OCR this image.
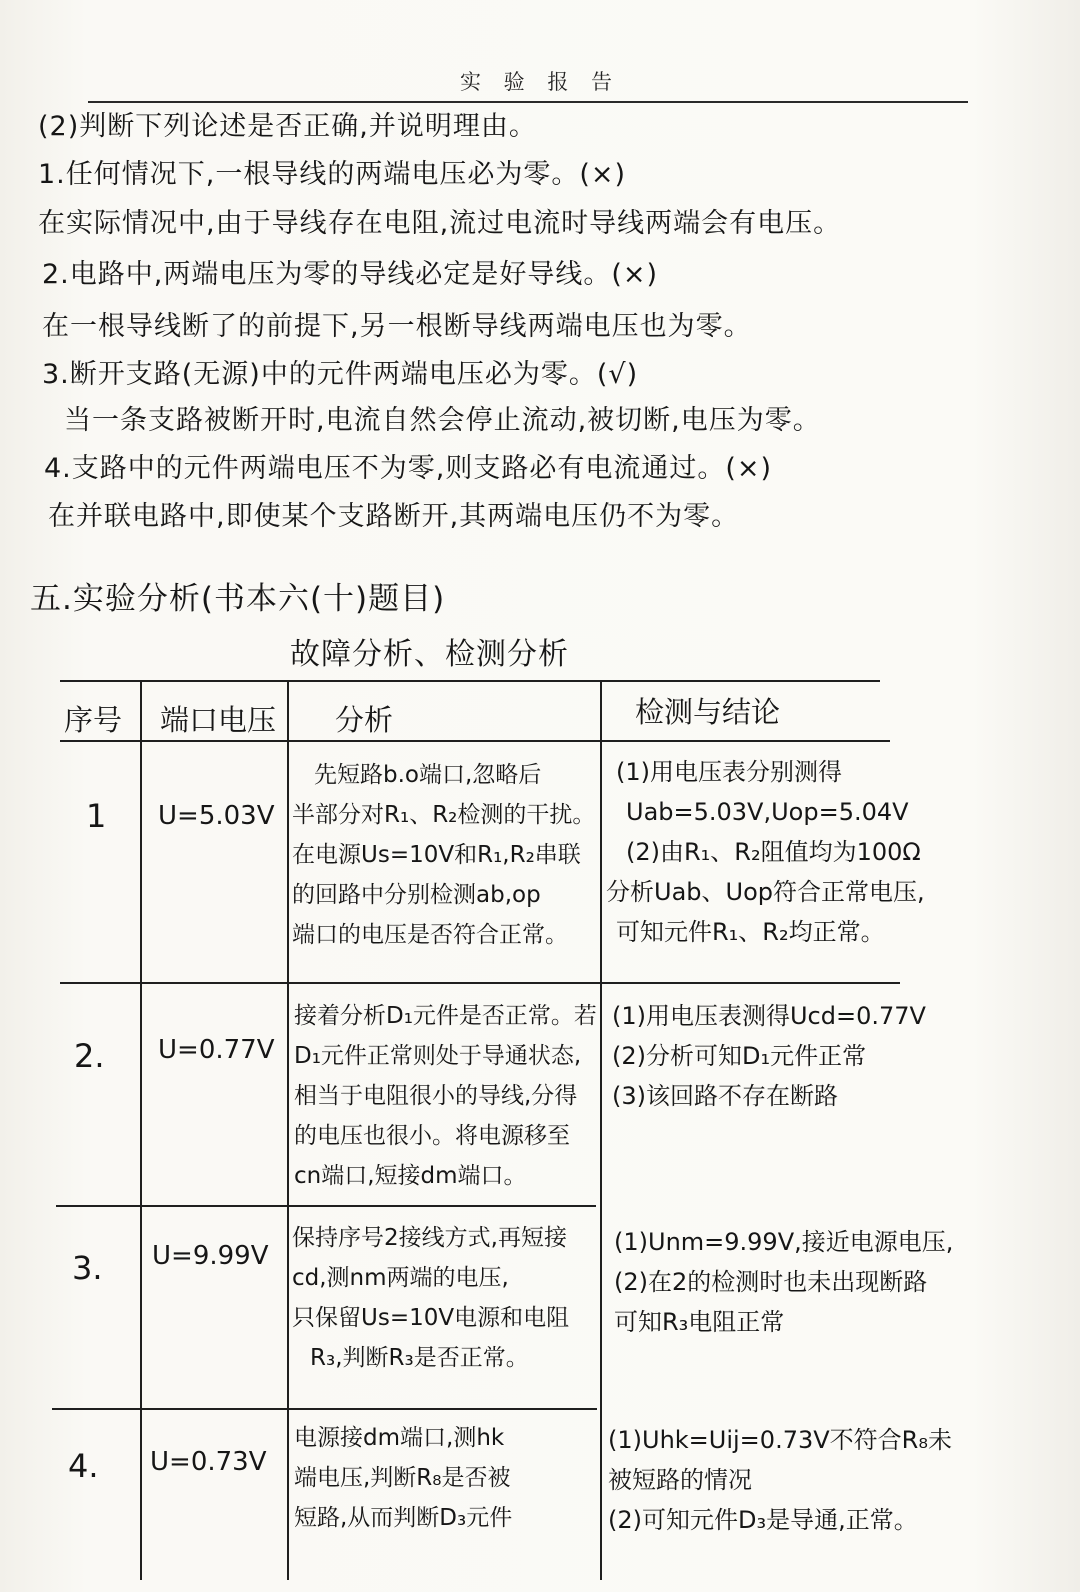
实 验 报 告
(2)判断下列论述是否正确,并说明理由。
1.任何情况下,一根导线的两端电压必为零。(×)
在实际情况中,由于导线存在电阻,流过电流时导线两端会有电压。
2.电路中,两端电压为零的导线必定是好导线。(×)
在一根导线断了的前提下,另一根断导线两端电压也为零。
3.断开支路(无源)中的元件两端电压必为零。(√)
当一条支路被断开时,电流自然会停止流动,被切断,电压为零。
4.支路中的元件两端电压不为零,则支路必有电流通过。(×)
在并联电路中,即使某个支路断开,其两端电压仍不为零。
五.实验分析(书本六(十)题目)
故障分析、检测分析
序号 端口电压 分析	检测与结论
1 U=5.03V
先短路b.o端口,忽略后
半部分对R₁、R₂检测的干扰。
在电源Us=10V和R₁,R₂串联
的回路中分别检测ab,op
端口的电压是否符合正常。
(1)用电压表分别测得
Uab=5.03V,Uop=5.04V
(2)由R₁、R₂阻值均为100Ω
分析Uab、Uop符合正常电压,
可知元件R₁、R₂均正常。
2. U=0.77V
接着分析D₁元件是否正常。若
D₁元件正常则处于导通状态,
相当于电阻很小的导线,分得
的电压也很小。将电源移至
cn端口,短接dm端口。
(1)用电压表测得Ucd=0.77V
(2)分析可知D₁元件正常
(3)该回路不存在断路
3. U=9.99V
保持序号2接线方式,再短接
cd,测nm两端的电压,
只保留Us=10V电源和电阻
R₃,判断R₃是否正常。
(1)Unm=9.99V,接近电源电压,
(2)在2的检测时也未出现断路
可知R₃电阻正常
4. U=0.73V
电源接dm端口,测hk
端电压,判断R₈是否被
短路,从而判断D₃元件
(1)Uhk=Uij=0.73V不符合R₈未
被短路的情况
(2)可知元件D₃是导通,正常。
